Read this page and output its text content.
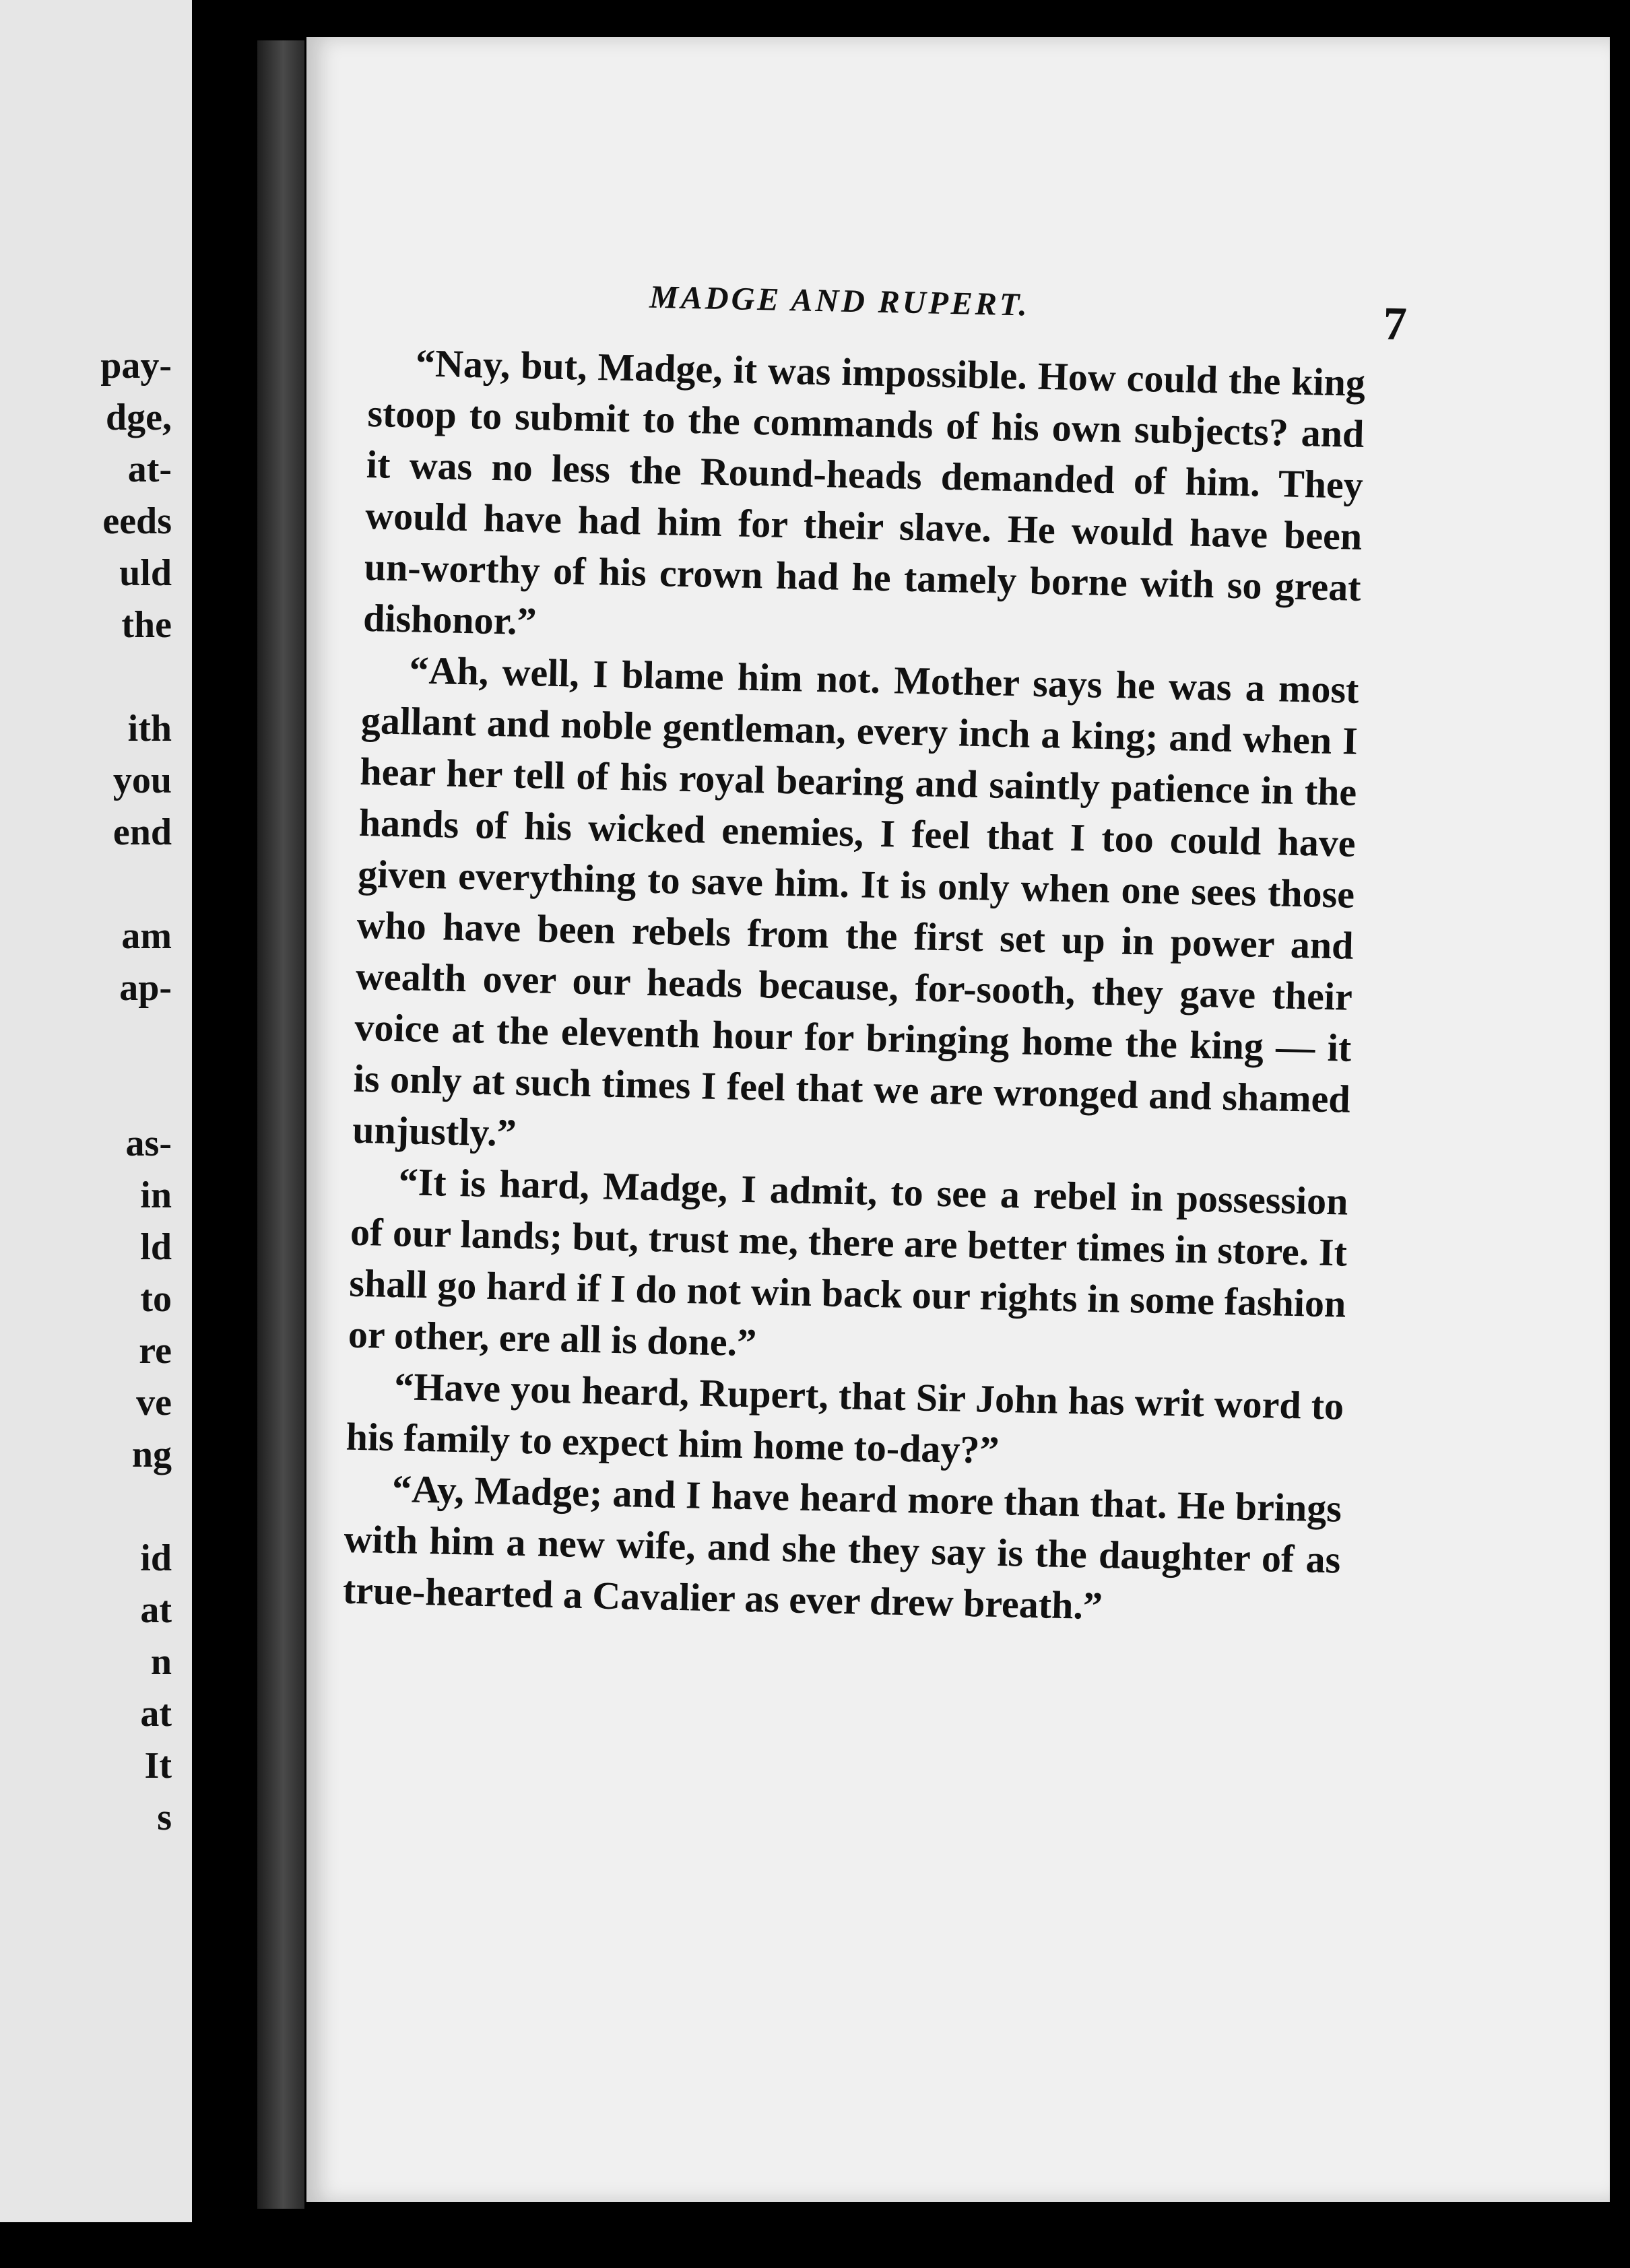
pay-
dge,
at-
eeds
uld
the
ith
you
end
am
ap-
as-
in
ld
to
re
ve
ng
id
at
n
at
It
s
MADGE AND RUPERT.	7

“Nay, but, Madge, it was impossible. How could the king stoop to submit to the commands of his own subjects? and it was no less the Round-heads demanded of him. They would have had him for their slave. He would have been un-worthy of his crown had he tamely borne with so great dishonor.”

“Ah, well, I blame him not. Mother says he was a most gallant and noble gentleman, every inch a king; and when I hear her tell of his royal bearing and saintly patience in the hands of his wicked enemies, I feel that I too could have given everything to save him. It is only when one sees those who have been rebels from the first set up in power and wealth over our heads because, for-sooth, they gave their voice at the eleventh hour for bringing home the king — it is only at such times I feel that we are wronged and shamed unjustly.”

“It is hard, Madge, I admit, to see a rebel in possession of our lands; but, trust me, there are better times in store. It shall go hard if I do not win back our rights in some fashion or other, ere all is done.”

“Have you heard, Rupert, that Sir John has writ word to his family to expect him home to-day?”

“Ay, Madge; and I have heard more than that. He brings with him a new wife, and she they say is the daughter of as true-hearted a Cavalier as ever drew breath.”
